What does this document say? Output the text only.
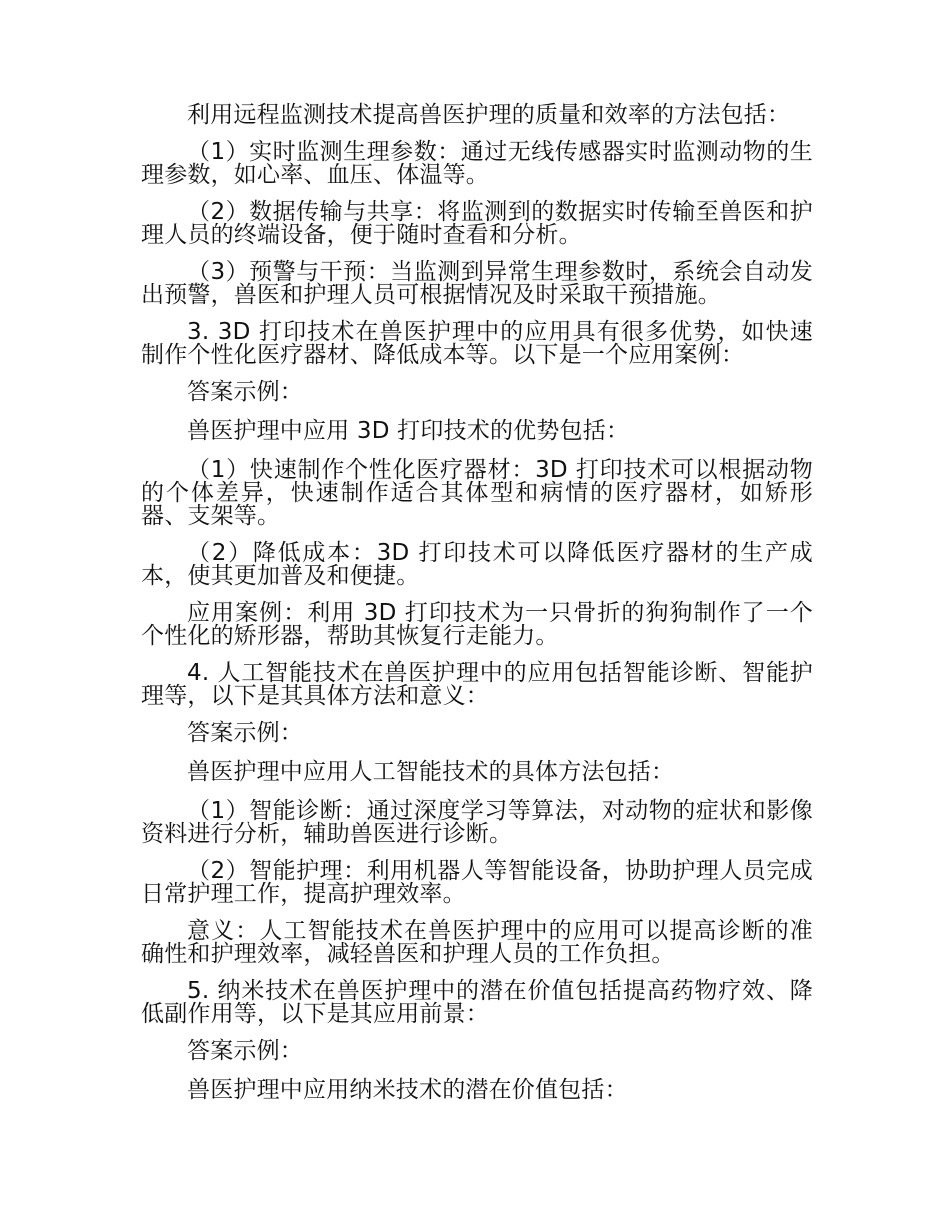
利用远程监测技术提高兽医护理的质量和效率的方法包括：

（1）实时监测生理参数：通过无线传感器实时监测动物的生理参数，如心率、血压、体温等。

（2）数据传输与共享：将监测到的数据实时传输至兽医和护理人员的终端设备，便于随时查看和分析。

（3）预警与干预：当监测到异常生理参数时，系统会自动发出预警，兽医和护理人员可根据情况及时采取干预措施。

3. 3D 打印技术在兽医护理中的应用具有很多优势，如快速制作个性化医疗器材、降低成本等。以下是一个应用案例：

答案示例：

兽医护理中应用 3D 打印技术的优势包括：

（1）快速制作个性化医疗器材：3D 打印技术可以根据动物的个体差异，快速制作适合其体型和病情的医疗器材，如矫形器、支架等。

（2）降低成本：3D 打印技术可以降低医疗器材的生产成本，使其更加普及和便捷。

应用案例：利用 3D 打印技术为一只骨折的狗狗制作了一个个性化的矫形器，帮助其恢复行走能力。

4. 人工智能技术在兽医护理中的应用包括智能诊断、智能护理等，以下是其具体方法和意义：

答案示例：

兽医护理中应用人工智能技术的具体方法包括：

（1）智能诊断：通过深度学习等算法，对动物的症状和影像资料进行分析，辅助兽医进行诊断。

（2）智能护理：利用机器人等智能设备，协助护理人员完成日常护理工作，提高护理效率。

意义：人工智能技术在兽医护理中的应用可以提高诊断的准确性和护理效率，减轻兽医和护理人员的工作负担。

5. 纳米技术在兽医护理中的潜在价值包括提高药物疗效、降低副作用等，以下是其应用前景：

答案示例：

兽医护理中应用纳米技术的潜在价值包括：
